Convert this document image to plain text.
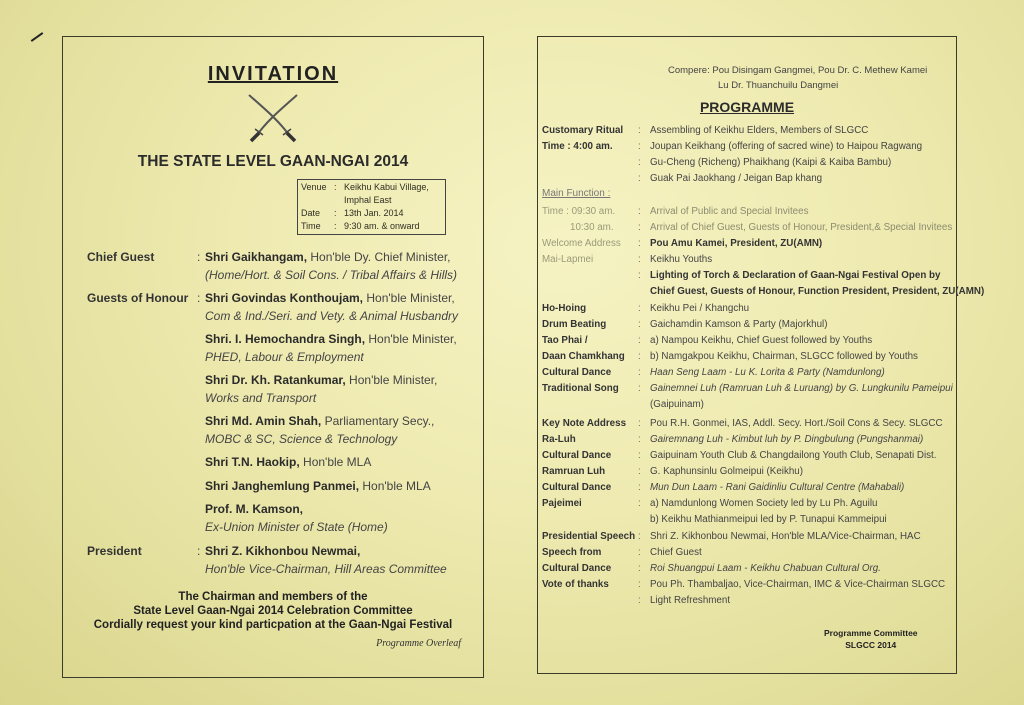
INVITATION
THE STATE LEVEL GAAN-NGAI 2014
Venue : Keikhu Kabui Village,
Imphal East
Date	: 13th Jan. 2014
Time	: 9:30 am. & onward
Chief Guest	: Shri Gaikhangam, Hon'ble Dy. Chief Minister,
(Home/Hort. & Soil Cons. / Tribal Affairs & Hills)
Guests of Honour : Shri Govindas Konthoujam, Hon'ble Minister,
Com & Ind./Seri. and Vety. & Animal Husbandry
Shri. I. Hemochandra Singh, Hon'ble Minister,
PHED, Labour & Employment
Shri Dr. Kh. Ratankumar, Hon'ble Minister,
Works and Transport
Shri Md. Amin Shah, Parliamentary Secy.,
MOBC & SC, Science & Technology
Shri T.N. Haokip, Hon'ble MLA
Shri Janghemlung Panmei, Hon'ble MLA
Prof. M. Kamson,
Ex-Union Minister of State (Home)
President	: Shri Z. Kikhonbou Newmai,
Hon'ble Vice-Chairman, Hill Areas Committee
The Chairman and members of the
State Level Gaan-Ngai 2014 Celebration Committee
Cordially request your kind particpation at the Gaan-Ngai Festival
Programme Overleaf
Compere: Pou Disingam Gangmei, Pou Dr. C. Methew Kamei
Lu Dr. Thuanchuilu Dangmei
PROGRAMME
Main Function :
Customary Ritual : Assembling of Keikhu Elders, Members of SLGCC
Time : 4:00 am.	: Joupan Keikhang (offering of sacred wine) to Haipou Ragwang
: Gu-Cheng (Richeng) Phaikhang (Kaipi & Kaiba Bambu)
: Guak Pai Jaokhang / Jeigan Bap khang
Time : 09:30 am. : Arrival of Public and Special Invitees
10:30 am. : Arrival of Chief Guest, Guests of Honour, President,& Special Invitees
Welcome Address : Pou Amu Kamei, President, ZU(AMN)
Mai-Lapmei	: Keikhu Youths
: Lighting of Torch & Declaration of Gaan-Ngai Festival Open by
Chief Guest, Guests of Honour, Function President, President, ZU(AMN)
Ho-Hoing	: Keikhu Pei / Khangchu
Drum Beating	: Gaichamdin Kamson & Party (Majorkhul)
Tao Phai /	: a) Nampou Keikhu, Chief Guest followed by Youths
Daan Chamkhang : b) Namgakpou Keikhu, Chairman, SLGCC followed by Youths
Cultural Dance	: Haan Seng Laam - Lu K. Lorita & Party (Namdunlong)
Traditional Song : Gainemnei Luh (Ramruan Luh & Luruang) by G. Lungkunilu Pameipui
(Gaipuinam)
Key Note Address : Pou R.H. Gonmei, IAS, Addl. Secy. Hort./Soil Cons & Secy. SLGCC
Ra-Luh	: Gairemnang Luh - Kimbut luh by P. Dingbulung (Pungshanmai)
Cultural Dance	: Gaipuinam Youth Club & Changdailong Youth Club, Senapati Dist.
Ramruan Luh	: G. Kaphunsinlu Golmeipui (Keikhu)
Cultural Dance	: Mun Dun Laam - Rani Gaidinliu Cultural Centre (Mahabali)
Pajeimei	: a) Namdunlong Women Society led by Lu Ph. Aguilu
b) Keikhu Mathianmeipui led by P. Tunapui Kammeipui
Presidential Speech : Shri Z. Kikhonbou Newmai, Hon'ble MLA/Vice-Chairman, HAC
Speech from	: Chief Guest
Cultural Dance	: Roi Shuangpui Laam - Keikhu Chabuan Cultural Org.
Vote of thanks	: Pou Ph. Thambaljao, Vice-Chairman, IMC & Vice-Chairman SLGCC
: Light Refreshment
Programme Committee
SLGCC 2014
